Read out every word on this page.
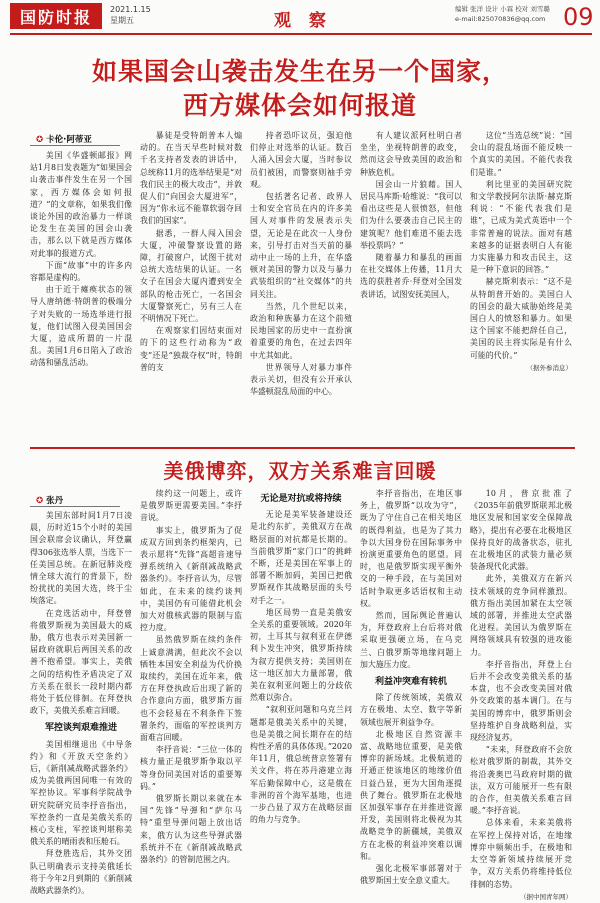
国防时报	2021.1.15
星期五	观 察
编辑 张洋 设计 小霖 校对 刘雪璐
e-mail:825070836@qq.com 09
如果国会山袭击发生在另一个国家，
西方媒体会如何报道
✪ 卡伦·阿蒂亚

美国《华盛顿邮报》网站1月8日发表题为“如果国会山袭击事件发生在另一个国家，西方媒体会如何报道？”的文章称，如果我们像谈论外国的政治暴力一样谈论发生在美国的国会山袭击，那么以下就是西方媒体对此事的报道方式。

下面“故事”中的许多内容都是虚构的。

由于近于瘫痪状态的领导人唐纳德·特朗普的极端分子对失败的一场选举进行报复，他们试图入侵美国国会大厦，造成所谓的一片混乱。美国1月6日陷入了政治动荡和骚乱活动。

暴徒是受特朗普本人煽动的。在当天早些时候对数千名支持者发表的讲话中，总统称11月的选举结果是“对我们民主的极大攻击”，并敦促人们“向国会大厦进军”，因为“你永远不能靠软弱夺回我们的国家”。

据悉，一群人闯入国会大厦，冲破警察设置的路障，打破窗户，试图干扰对总统大选结果的认证。一名女子在国会大厦内遭到安全部队的枪击死亡，一名国会大厦警察死亡，另有三人在不明情况下死亡。

在观察家们因结束面对的下的这些行动称为“政变”还是“独裁夺权”时，特朗普的支

持者恐吓议员，强迫他们停止对选举的认证。数百人涌入国会大厦，当时参议员们被困，而警察则袖手旁观。

包括著名记者、政界人士和安全官员在内的许多美国人对事件的发展表示失望，无论是在此次一人身份来，引导打击对当天前的暴动中止一场的上升，在华盛顿对美国的警力以及与暴力武装组织的“社交媒体”的共同关注。

当然，几个世纪以来，政治和种族暴力在这个前殖民地国家的历史中一直扮演着重要的角色，在过去四年中尤其如此。

世界领导人对暴力事件表示关切，但没有公开承认华盛顿混乱局面的中心。

有人建议派阿杜明白者坐坐，坐视特朗普的政变，然而这会导致美国的政治和种族危机。

国会山一片狼藉。国人居民马库斯·哈维说：“我可以看出这些是人很愤怒，但他们为什么要袭击自己民主的建筑呢？他们难道不能去选举投票吗？”

随着暴力和暴乱的画面在社交媒体上传播，11月大选的获胜者乔·拜登对全国发表讲话，试图安抚美国人，

这位“当选总统”说：“国会山的混乱场面不能反映一个真实的美国。不能代表我们是谁。”

利比里亚的美国研究院和文学教授阿尔法斯·赫克斯利说：“不能代表我们是谁”，已成为美式英语中一个非常普遍的说法。面对有越来越多的证据表明白人有能力实施暴力和攻击民主，这是一种下意识的回答。”

赫克斯利表示：“这不是从特朗普开始的。美国白人的国会的最大威胁始终是美国白人的愤怒和暴力。如果这个国家不能把辞任自己，美国的民主将实际是有什么可能的代价。”

（据外参消息）

美俄博弈，双方关系难言回暖
✪ 张丹

美国东部时间1月7日凌晨，历时近15个小时的美国国会联席会议确认，拜登赢得306张选举人票，当选下一任美国总统。在新冠肺炎疫情全球大流行的背景下，纷纷扰扰的美国大选，终于尘埃落定。

在竞选活动中，拜登曾将俄罗斯视为美国最大的威胁，俄方也表示对美国新一届政府就职后两国关系的改善不抱希望。事实上，美俄之间的结构性矛盾决定了双方关系在很长一段时期内都将处于低位徘徊。在拜登执政下，美俄关系难言回暖。

军控谈判艰难推进

美国相继退出《中导条约》和《开放天空条约》后，《新削减战略武器条约》成为美俄两国间唯一有效的军控协议。军事科学院战争研究院研究员李抒音指出，军控条约一直是美俄关系的核心支柱，军控谈判堪称美俄关系的晴雨表和压舱石。

拜登胜选后，其外交团队已明确表示支持美俄延长将于今年2月到期的《新削减战略武器条约》。

续约这一问题上，或许是俄罗斯更需要美国。”李抒音说。

事实上，俄罗斯为了促成双方回到条约框架内，已表示愿将“先锋”高超音速导弹系统纳入《新削减战略武器条约》。李抒音认为，尽管如此，在未来的续约谈判中，美国仍有可能借此机会加大对俄核武器的限制与监控力度。

虽然俄罗斯在续约条件上诚意满满，但此次不会以牺牲本国安全利益为代价换取续约，美国在近年来，俄方在拜登执政后出现了新的合作意向方面，俄罗斯方面也不会轻易在不利条件下签署条约，面临的军控谈判方面难言回暖。

李抒音说：“三位一体的核力量正是俄罗斯争取以平等身份同美国对话的重要筹码。”

俄罗斯长期以来就在本国“先锋”导弹和“萨尔马特”重型导弹问题上放出话来，俄方认为这些导弹武器系统并不在《新削减战略武器条约》的管制范围之内。

无论是对抗或将持续

无论是美军装备建设还是北约东扩，美俄双方在战略层面的对抗都是长期的。当前俄罗斯“家门口”的挑衅不断，还是美国在军事上的部署不断加码，美国已把俄罗斯视作其战略层面的头号对手之一。

地区局势一直是美俄安全关系的重要领域。2020年初，土耳其与叙利亚在伊德利卜发生冲突，俄罗斯持续为叙方提供支持；美国则在这一地区加大力量部署，俄美在叙利亚问题上的分歧依然难以弥合。

“叙利亚问题和乌克兰问题都是俄美关系中的关键，也是美俄之间长期存在的结构性矛盾的具体体现。”2020年11月，俄总统普京签署有关文件，将在苏丹港建立海军后勤保障中心，这是俄在非洲的首个海军基地，也进一步凸显了双方在战略层面的角力与竞争。

李抒音指出，在地区事务上，俄罗斯“以攻为守”，既为了守住自己在相关地区的既得利益，也是为了其力争以大国身份在国际事务中扮演更重要角色的愿望。同时，也是俄罗斯实现平衡外交的一种手段，在与美国对话时争取更多话语权和主动权。

然而，国际舆论普遍认为，拜登政府上台后将对俄采取更强硬立场，在乌克兰、白俄罗斯等地缘问题上加大施压力度。

利益冲突难有转机

除了传统领域，美俄双方在极地、太空、数字等新领域也展开利益争夺。

北极地区自然资源丰富、战略地位重要，是美俄博弈的新场域。北极航道的开通正使该地区的地缘价值日益凸显，更为大国角逐提供了舞台。俄罗斯在北极地区加强军事存在并推进资源开发，美国则将北极视为其战略竞争的新疆域，美俄双方在北极的利益冲突难以调和。

强化北极军事部署对于俄罗斯国土安全意义重大。

10月，普京批准了《2035年前俄罗斯联邦北极地区发展和国家安全保障战略》，提出有必要在北极地区保持良好的战备状态，驻扎在北极地区的武装力量必须装备现代化武器。

此外，美俄双方在新兴技术领域的竞争同样激烈。俄方指出美国加紧在太空领域的部署，并推进太空武器化进程。美国认为俄罗斯在网络领域具有较强的进攻能力。

李抒音指出，拜登上台后并不会改变美俄关系的基本盘，也不会改变美国对俄外交政策的基本调门。在与美国的博弈中，俄罗斯则会坚持维护自身战略利益，实现经济复苏。

“未来，拜登政府不会放松对俄罗斯的制裁，其外交将沿袭奥巴马政府时期的做法，双方可能展开一些有限的合作，但美俄关系难言回暖。”李抒音说。

总体来看，未来美俄将在军控上保持对话，在地缘博弈中频频出手，在极地和太空等新领域持续展开竞争，双方关系仍将维持低位徘徊的态势。

（据中国青年网）
